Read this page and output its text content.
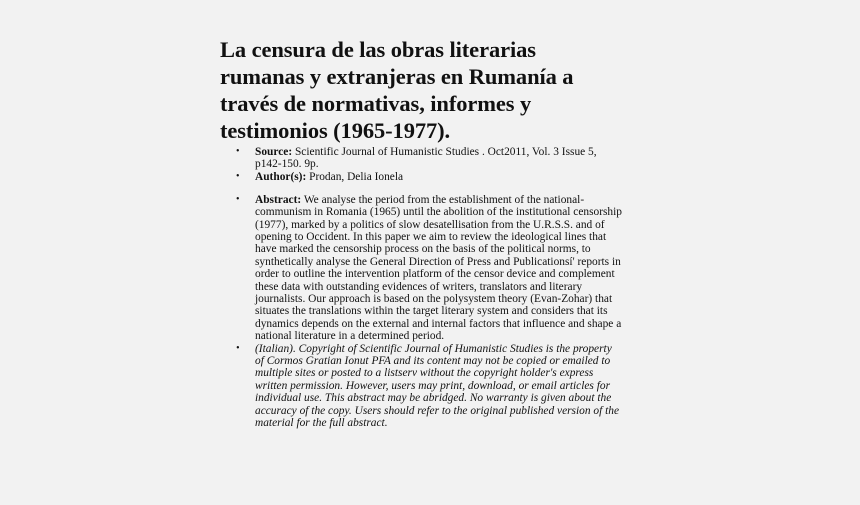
La censura de las obras literarias
rumanas y extranjeras en Rumanía a
través de normativas, informes y
testimonios (1965-1977).
• Source: Scientific Journal of Humanistic Studies . Oct2011, Vol. 3 Issue 5,
p142-150. 9p.
• Author(s): Prodan, Delia Ionela
• Abstract: We analyse the period from the establishment of the national-
communism in Romania (1965) until the abolition of the institutional censorship
(1977), marked by a politics of slow desatellisation from the U.R.S.S. and of
opening to Occident. In this paper we aim to review the ideological lines that
have marked the censorship process on the basis of the political norms, to
synthetically analyse the General Direction of Press and Publicationsí' reports in
order to outline the intervention platform of the censor device and complement
these data with outstanding evidences of writers, translators and literary
journalists. Our approach is based on the polysystem theory (Evan-Zohar) that
situates the translations within the target literary system and considers that its
dynamics depends on the external and internal factors that influence and shape a
national literature in a determined period.
• (Italian). Copyright of Scientific Journal of Humanistic Studies is the property
of Cormos Gratian Ionut PFA and its content may not be copied or emailed to
multiple sites or posted to a listserv without the copyright holder's express
written permission. However, users may print, download, or email articles for
individual use. This abstract may be abridged. No warranty is given about the
accuracy of the copy. Users should refer to the original published version of the
material for the full abstract.
